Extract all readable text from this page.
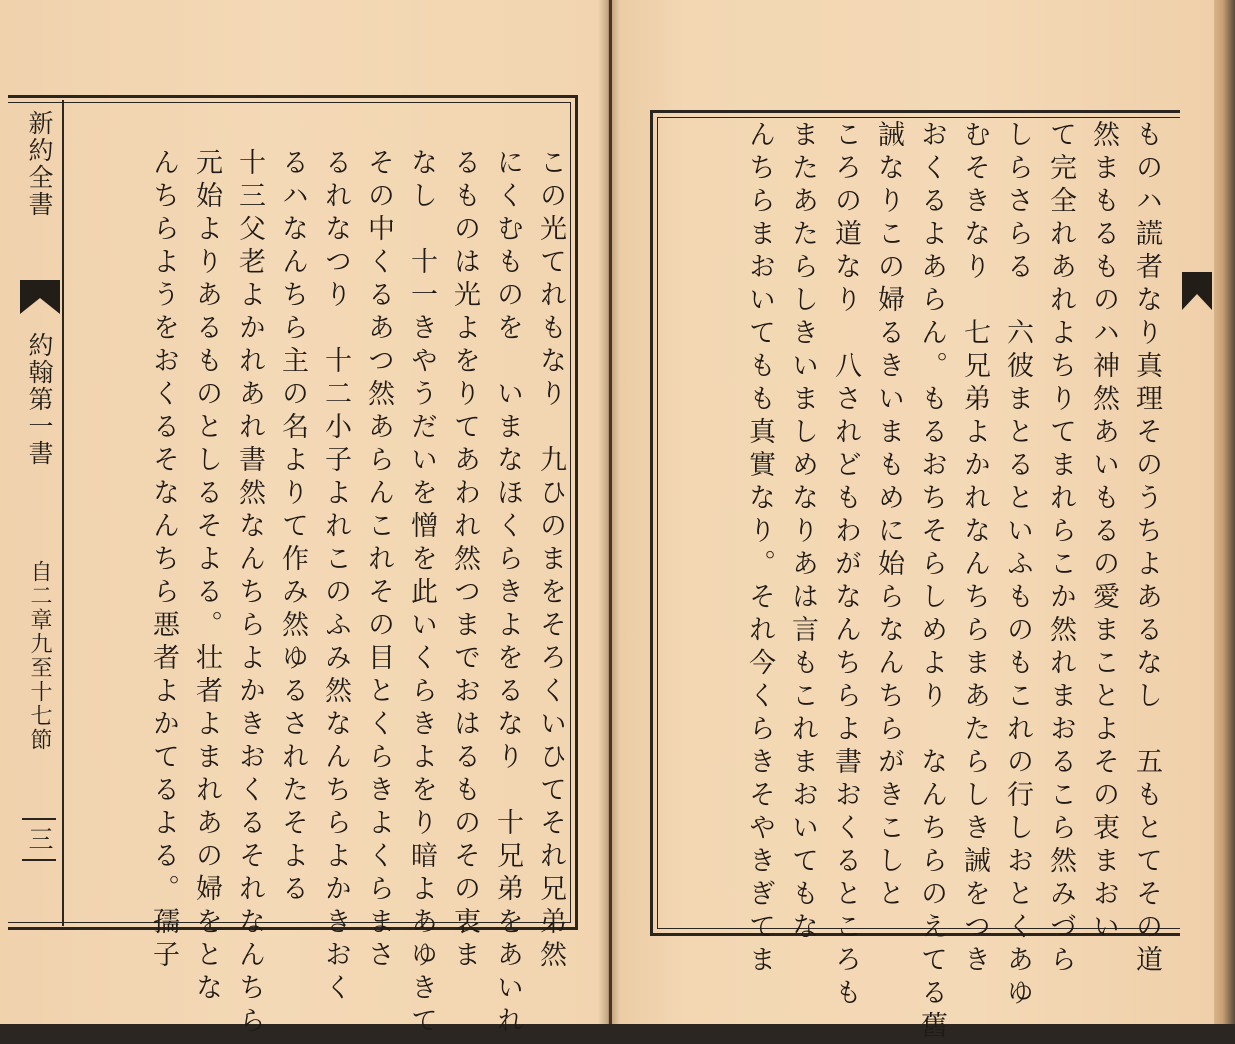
新約全書
約翰第一書
自二章九至十七節
三	この光てれもなり　九ひのまをそろくいひてそれ兄弟然 にくむものを　いまなほくらきよをるなり　十兄弟をあいれ るものは光よをりてあわれ然つまでおはるものその衷ま なし　十一きやうだいを憎を此いくらきよをり暗よあゆきて その中くるあつ然あらんこれその目とくらきよくらまさ るれなつり　十二小子よれこのふみ然なんちらよかきおく るハなんちら主の名よりて作み然ゆるされたそよる 十三父老よかれあれ書然なんちらよかきおくるそれなんちら 元始よりあるものとしるそよる。壮者よまれあの婦をとな んちらようをおくるそなんちら悪者よかてるよる。孺子	ものハ謊者なり真理そのうちよあるなし　五もとてその道 然まもるものハ神然あいもるの愛まことよその衷まおい て完全れあれよちりてまれらこか然れまおるこら然みづら しらさらる　六彼まとるといふものもこれの行しおとくあゆ むそきなり　七兄弟よかれなんちらまあたらしき誡をつき おくるよあらん。もるおちそらしめより　なんちらのえてる舊 誡なりこの婦るきいまもめに始らなんちらがきこしと ころの道なり　八されどもわがなんちらよ書おくるところも またあたらしきいましめなりあは言もこれまおいてもな んちらまおいてもも真實なり。それ今くらきそやきぎてま
